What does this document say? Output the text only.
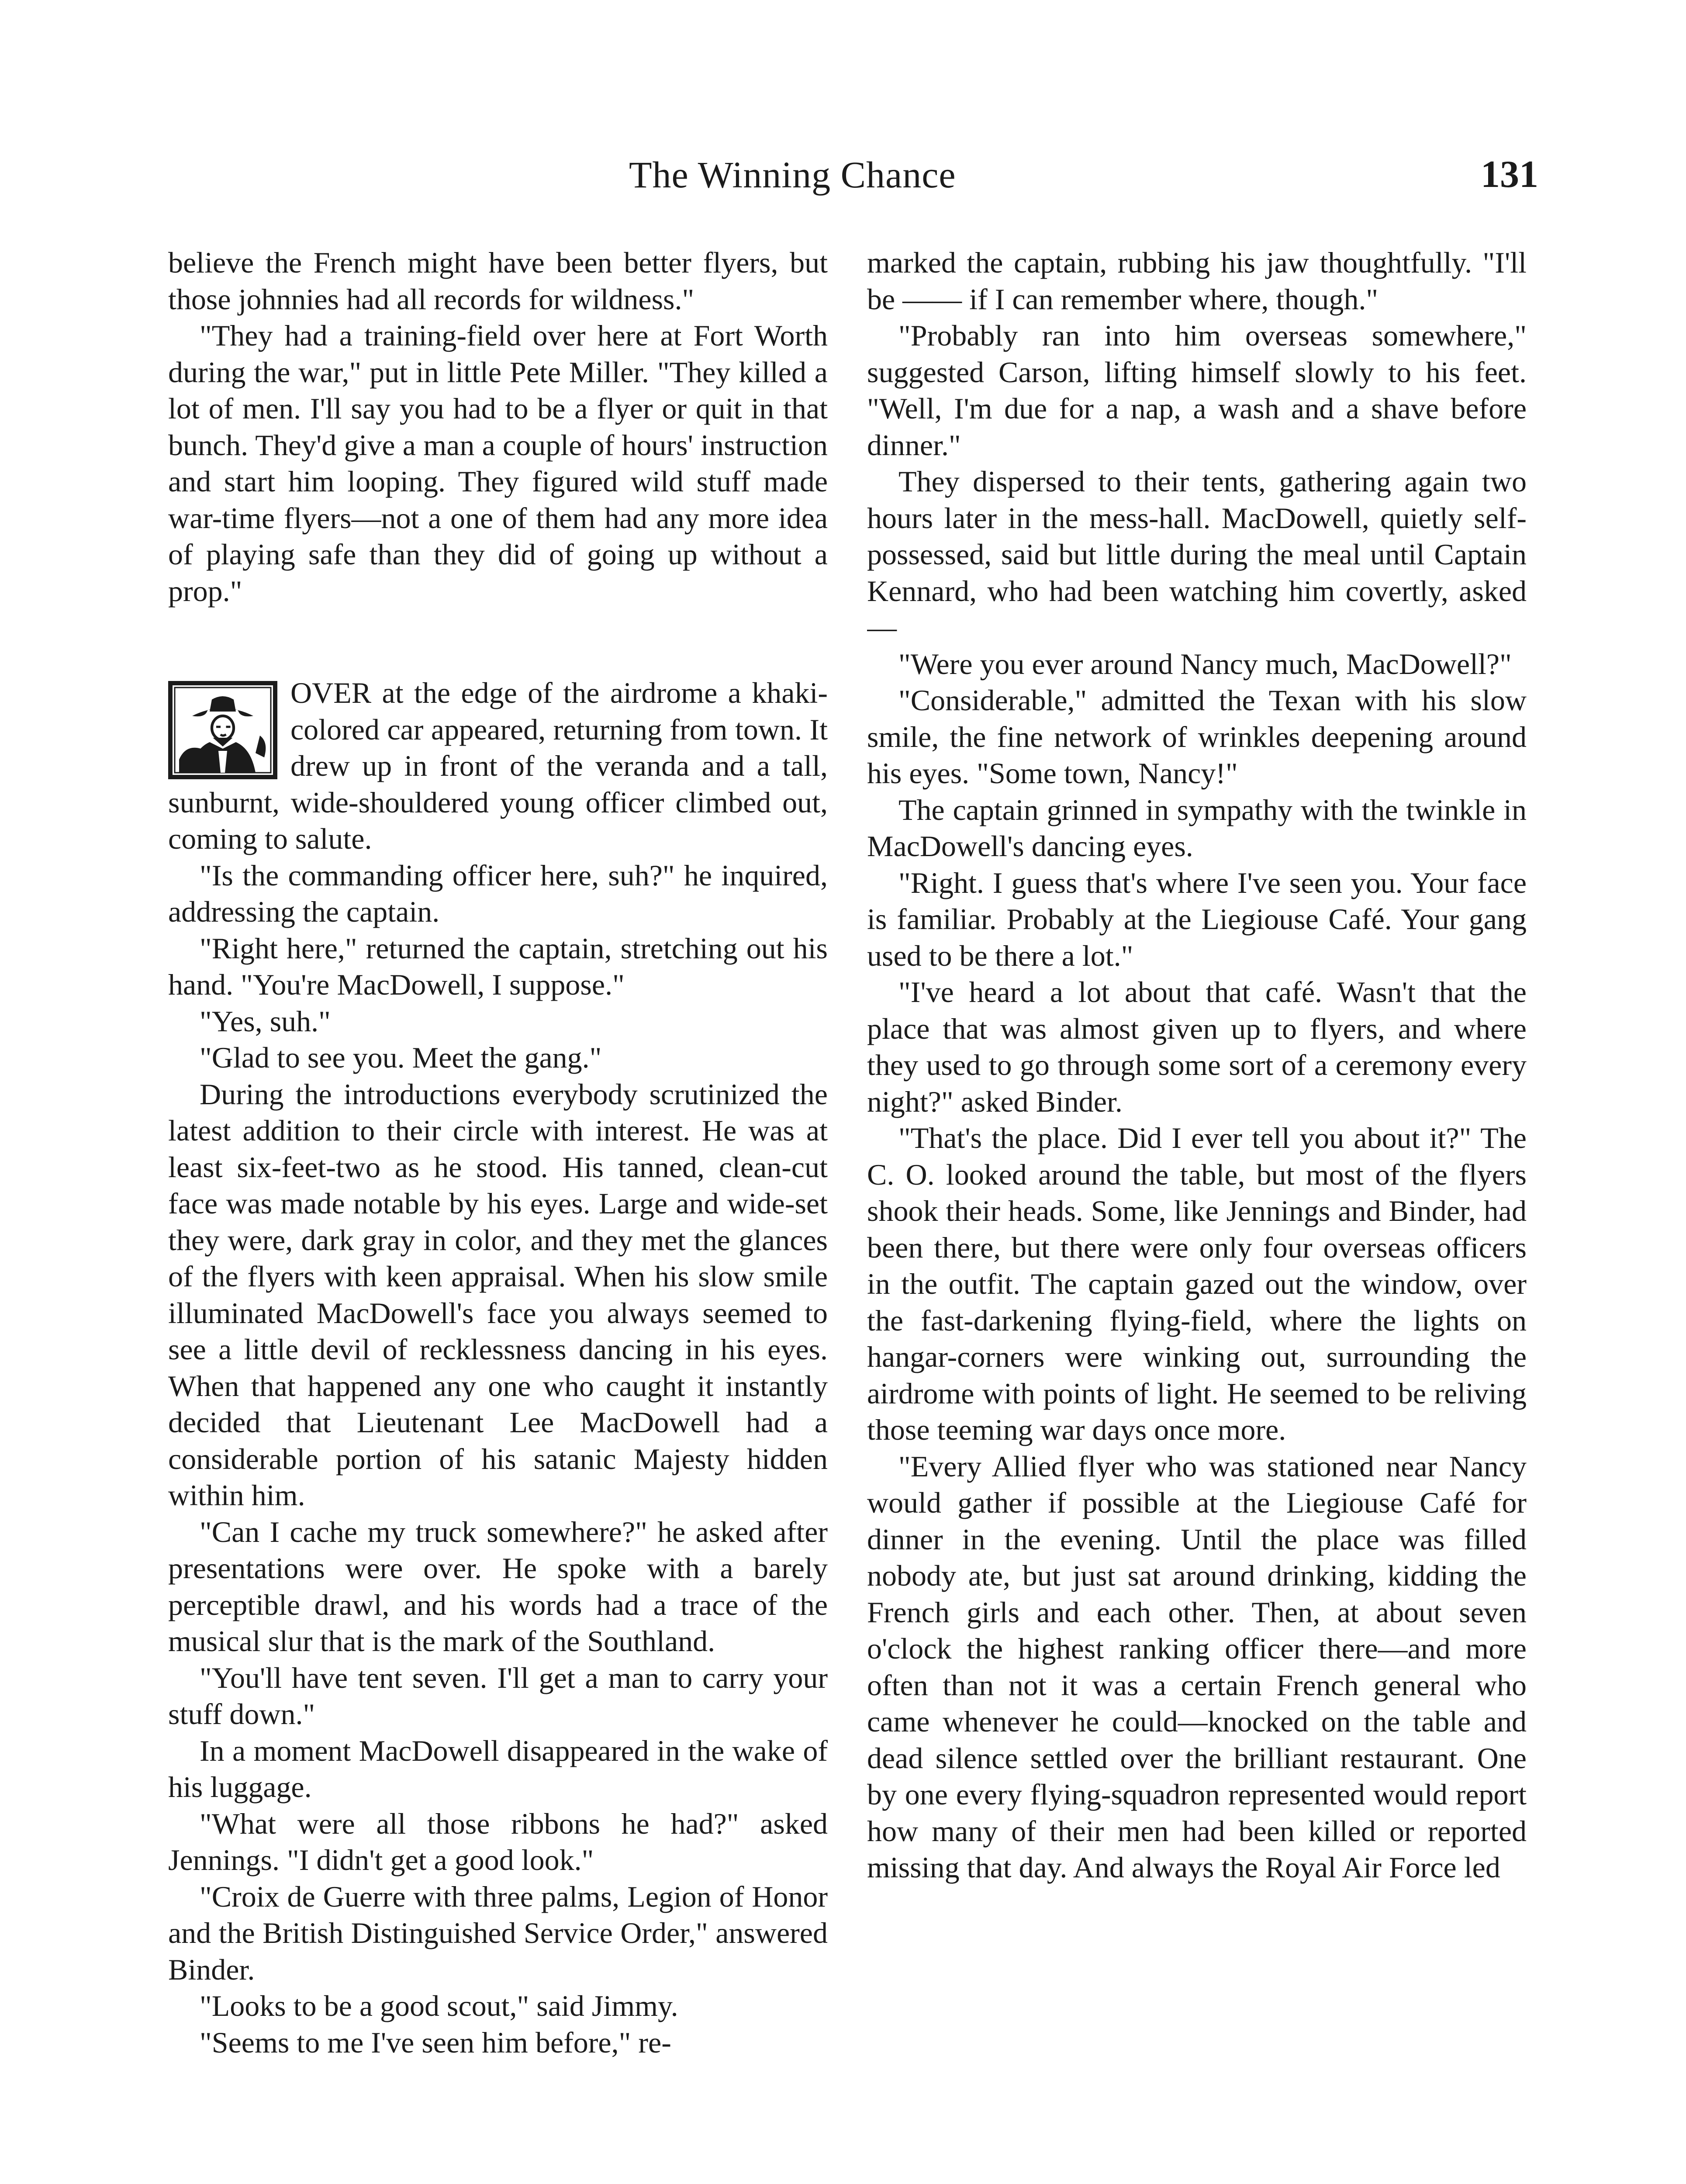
The Winning Chance	131

believe the French might have been better flyers, but those johnnies had all records for wildness."

"They had a training-field over here at Fort Worth during the war," put in little Pete Miller. "They killed a lot of men. I'll say you had to be a flyer or quit in that bunch. They'd give a man a couple of hours' instruction and start him looping. They figured wild stuff made war-time flyers—not a one of them had any more idea of playing safe than they did of going up without a prop."

OVER at the edge of the airdrome a khaki-colored car appeared, returning from town. It drew up in front of the veranda and a tall, sunburnt, wide-shouldered young officer climbed out, coming to salute.

"Is the commanding officer here, suh?" he inquired, addressing the captain.

"Right here," returned the captain, stretching out his hand. "You're MacDowell, I suppose."

"Yes, suh."

"Glad to see you. Meet the gang."

During the introductions everybody scrutinized the latest addition to their circle with interest. He was at least six-feet-two as he stood. His tanned, clean-cut face was made notable by his eyes. Large and wide-set they were, dark gray in color, and they met the glances of the flyers with keen appraisal. When his slow smile illuminated MacDowell's face you always seemed to see a little devil of recklessness dancing in his eyes. When that happened any one who caught it instantly decided that Lieutenant Lee MacDowell had a considerable portion of his satanic Majesty hidden within him.

"Can I cache my truck somewhere?" he asked after presentations were over. He spoke with a barely perceptible drawl, and his words had a trace of the musical slur that is the mark of the Southland.

"You'll have tent seven. I'll get a man to carry your stuff down."

In a moment MacDowell disappeared in the wake of his luggage.

"What were all those ribbons he had?" asked Jennings. "I didn't get a good look."

"Croix de Guerre with three palms, Legion of Honor and the British Distinguished Service Order," answered Binder.

"Looks to be a good scout," said Jimmy.

"Seems to me I've seen him before," re-

marked the captain, rubbing his jaw thoughtfully. "I'll be —— if I can remember where, though."

"Probably ran into him overseas somewhere," suggested Carson, lifting himself slowly to his feet. "Well, I'm due for a nap, a wash and a shave before dinner."

They dispersed to their tents, gathering again two hours later in the mess-hall. MacDowell, quietly self-possessed, said but little during the meal until Captain Kennard, who had been watching him covertly, asked—

"Were you ever around Nancy much, MacDowell?"

"Considerable," admitted the Texan with his slow smile, the fine network of wrinkles deepening around his eyes. "Some town, Nancy!"

The captain grinned in sympathy with the twinkle in MacDowell's dancing eyes.

"Right. I guess that's where I've seen you. Your face is familiar. Probably at the Liegiouse Café. Your gang used to be there a lot."

"I've heard a lot about that café. Wasn't that the place that was almost given up to flyers, and where they used to go through some sort of a ceremony every night?" asked Binder.

"That's the place. Did I ever tell you about it?" The C. O. looked around the table, but most of the flyers shook their heads. Some, like Jennings and Binder, had been there, but there were only four overseas officers in the outfit. The captain gazed out the window, over the fast-darkening flying-field, where the lights on hangar-corners were winking out, surrounding the airdrome with points of light. He seemed to be reliving those teeming war days once more.

"Every Allied flyer who was stationed near Nancy would gather if possible at the Liegiouse Café for dinner in the evening. Until the place was filled nobody ate, but just sat around drinking, kidding the French girls and each other. Then, at about seven o'clock the highest ranking officer there—and more often than not it was a certain French general who came whenever he could—knocked on the table and dead silence settled over the brilliant restaurant. One by one every flying-squadron represented would report how many of their men had been killed or reported missing that day. And always the Royal Air Force led
